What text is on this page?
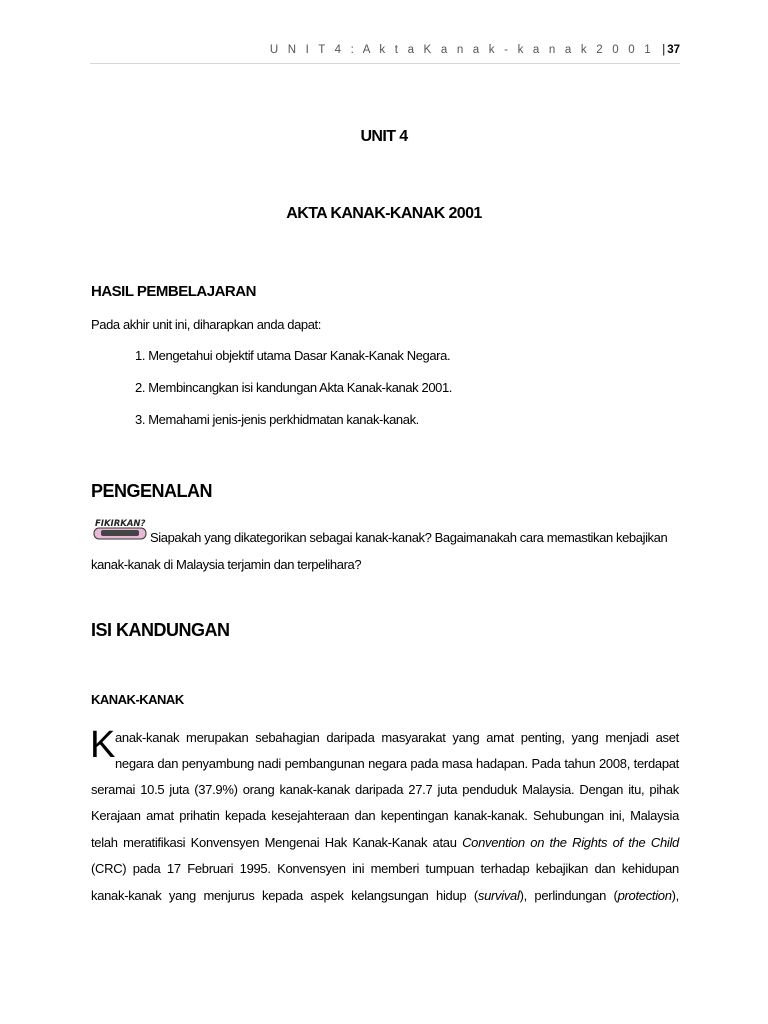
U N I T 4 : A k t a K a n a k - k a n a k 2 0 0 1 | 37
UNIT 4
AKTA KANAK-KANAK 2001
HASIL PEMBELAJARAN
Pada akhir unit ini, diharapkan anda dapat:
1. Mengetahui objektif utama Dasar Kanak-Kanak Negara.
2. Membincangkan isi kandungan Akta Kanak-kanak 2001.
3. Memahami jenis-jenis perkhidmatan kanak-kanak.
PENGENALAN
FIKIRKAN?
Siapakah yang dikategorikan sebagai kanak-kanak? Bagaimanakah cara memastikan kebajikan
kanak-kanak di Malaysia terjamin dan terpelihara?
ISI KANDUNGAN
KANAK-KANAK
K anak-kanak merupakan sebahagian daripada masyarakat yang amat penting, yang menjadi aset
negara dan penyambung nadi pembangunan negara pada masa hadapan. Pada tahun 2008, terdapat
seramai 10.5 juta (37.9%) orang kanak-kanak daripada 27.7 juta penduduk Malaysia. Dengan itu, pihak
Kerajaan amat prihatin kepada kesejahteraan dan kepentingan kanak-kanak. Sehubungan ini, Malaysia
telah meratifikasi Konvensyen Mengenai Hak Kanak-Kanak atau Convention on the Rights of the Child
(CRC) pada 17 Februari 1995. Konvensyen ini memberi tumpuan terhadap kebajikan dan kehidupan
kanak-kanak yang menjurus kepada aspek kelangsungan hidup (survival), perlindungan (protection),
